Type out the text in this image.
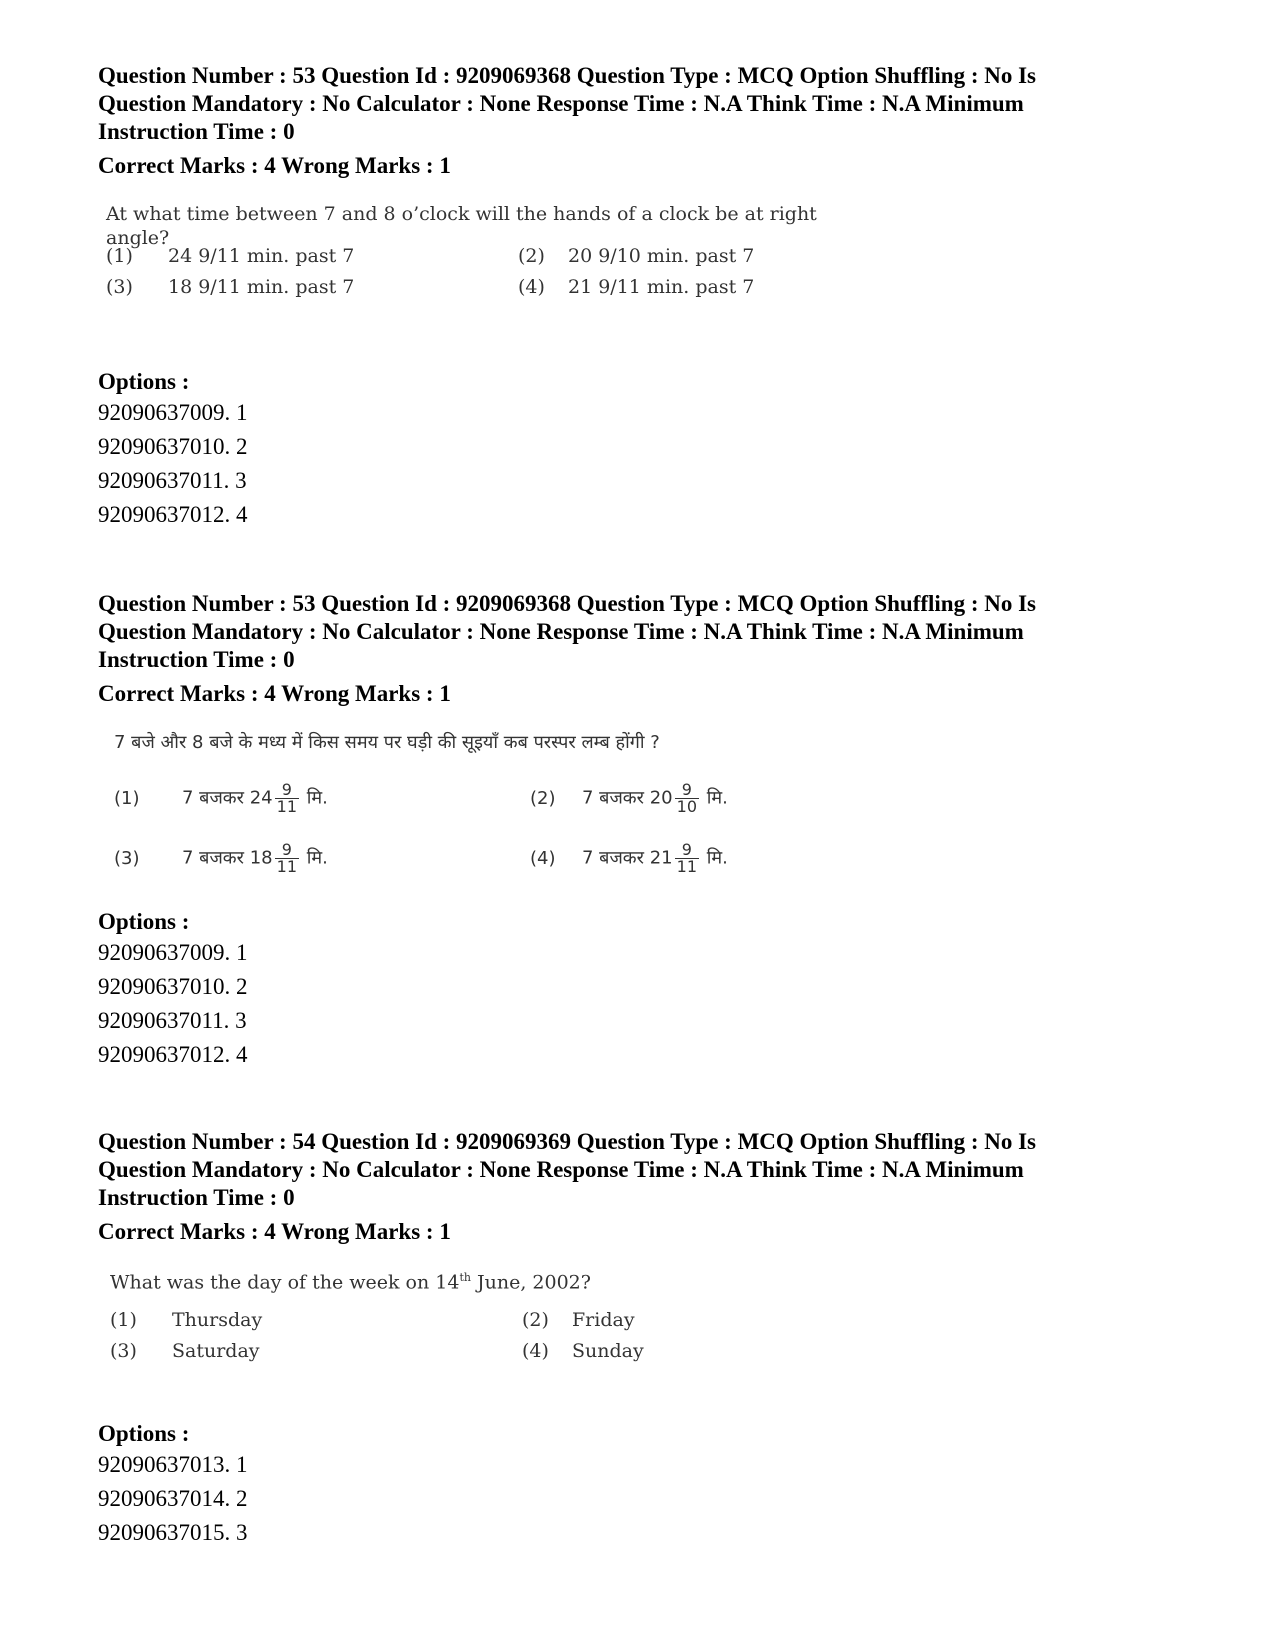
Question Number : 53 Question Id : 9209069368 Question Type : MCQ Option Shuffling : No Is

Question Mandatory : No Calculator : None Response Time : N.A Think Time : N.A Minimum

Instruction Time : 0

Correct Marks : 4 Wrong Marks : 1

At what time between 7 and 8 o’clock will the hands of a clock be at right angle?
(1) 24 9/11 min. past 7	(2) 20 9/10 min. past 7
(3) 18 9/11 min. past 7	(4) 21 9/11 min. past 7
Options :
92090637009. 1
92090637010. 2
92090637011. 3
92090637012. 4

Question Number : 53 Question Id : 9209069368 Question Type : MCQ Option Shuffling : No Is

Question Mandatory : No Calculator : None Response Time : N.A Think Time : N.A Minimum

Instruction Time : 0

Correct Marks : 4 Wrong Marks : 1

7 बजे और 8 बजे के मध्य में किस समय पर घड़ी की सूइयाँ कब परस्पर लम्ब होंगी ?
(1) 7 बजकर $24 \frac{9}{11}$ मि.	(2) 7 बजकर $20 \frac{9}{10}$ मि.
(3) 7 बजकर $18 \frac{9}{11}$ मि.	(4) 7 बजकर $21 \frac{9}{11}$ मि.
Options :
92090637009. 1
92090637010. 2
92090637011. 3
92090637012. 4

Question Number : 54 Question Id : 9209069369 Question Type : MCQ Option Shuffling : No Is

Question Mandatory : No Calculator : None Response Time : N.A Think Time : N.A Minimum

Instruction Time : 0

Correct Marks : 4 Wrong Marks : 1

What was the day of the week on 14th June, 2002?
(1) Thursday	(2) Friday
(3) Saturday	(4) Sunday
Options :
92090637013. 1
92090637014. 2
92090637015. 3
